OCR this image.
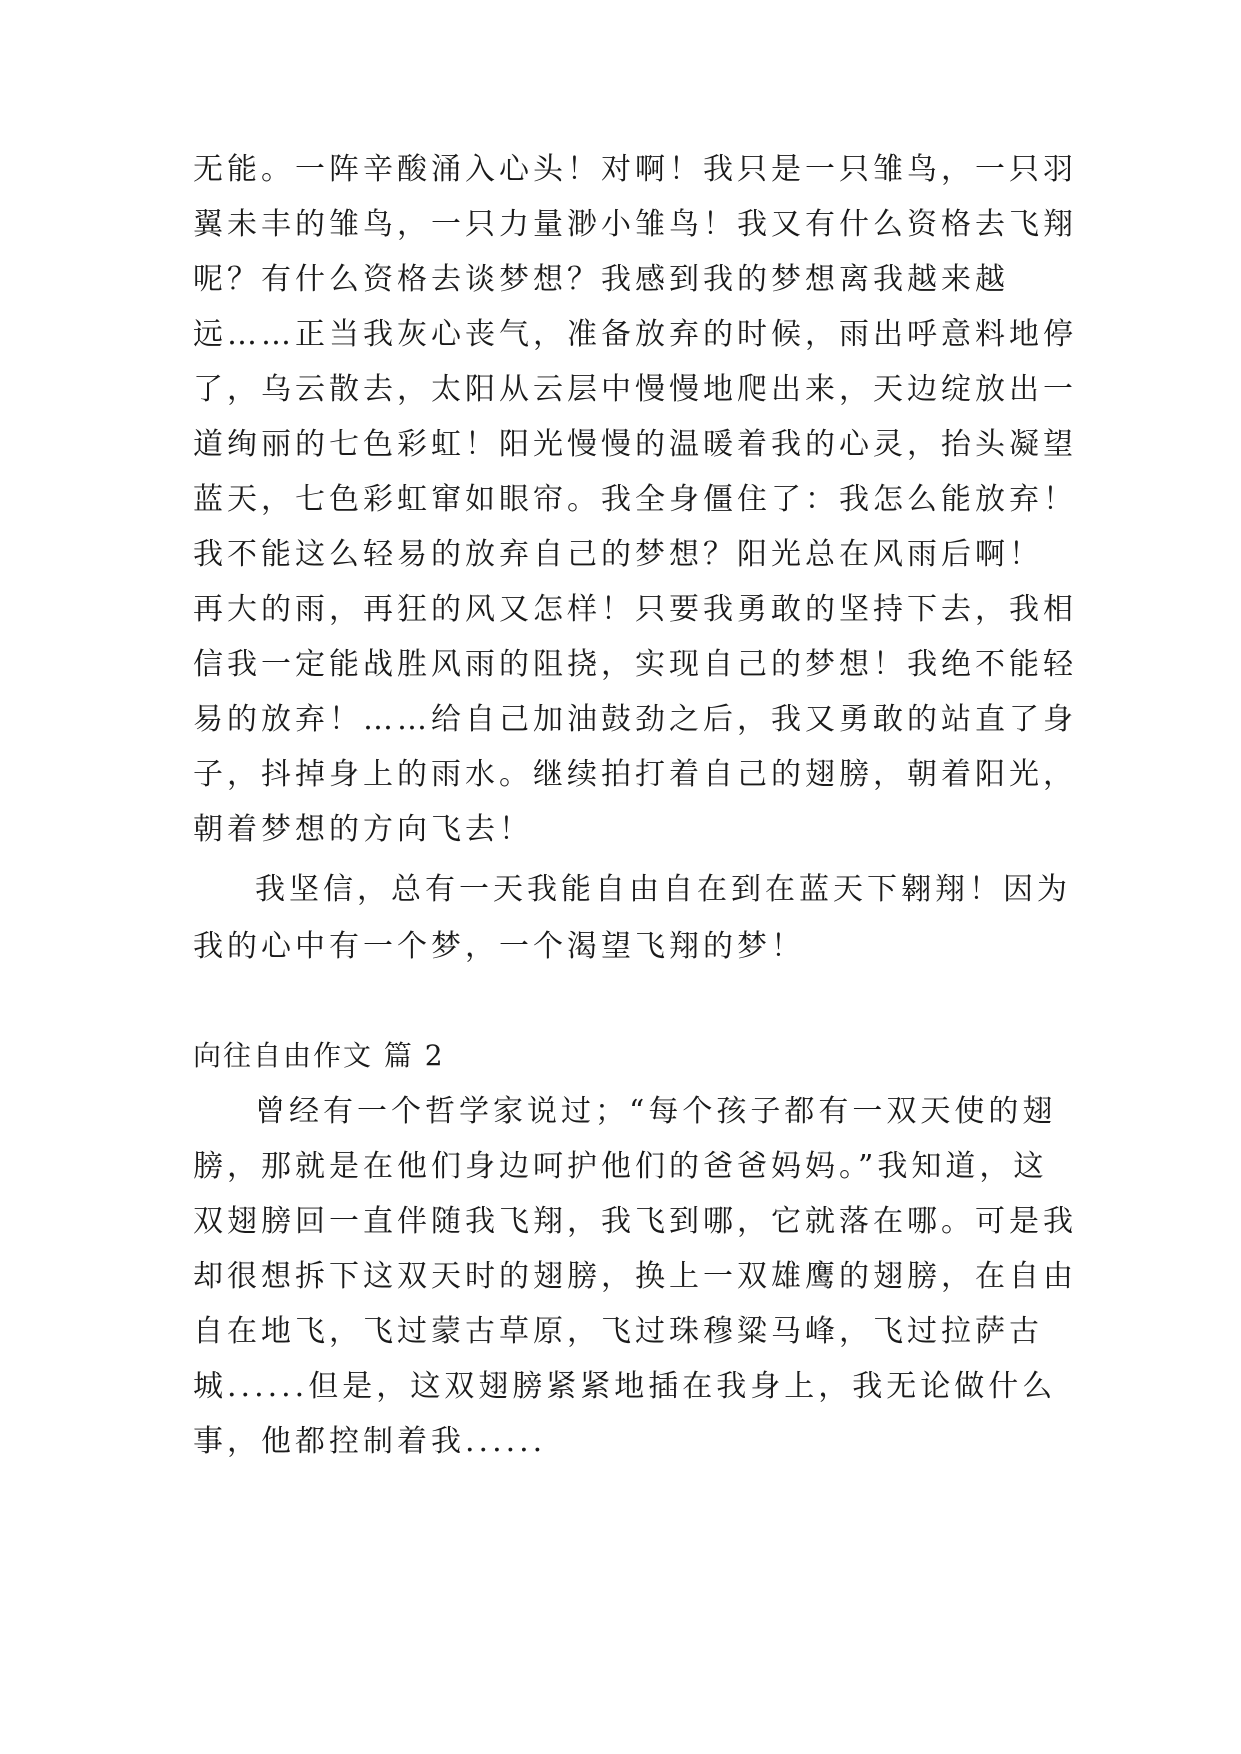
无能。一阵辛酸涌入心头！对啊！我只是一只雏鸟，一只羽
翼未丰的雏鸟，一只力量渺小雏鸟！我又有什么资格去飞翔
呢？有什么资格去谈梦想？我感到我的梦想离我越来越
远……正当我灰心丧气，准备放弃的时候，雨出呼意料地停
了，乌云散去，太阳从云层中慢慢地爬出来，天边绽放出一
道绚丽的七色彩虹！阳光慢慢的温暖着我的心灵，抬头凝望
蓝天，七色彩虹窜如眼帘。我全身僵住了：我怎么能放弃！
我不能这么轻易的放弃自己的梦想？阳光总在风雨后啊！
再大的雨，再狂的风又怎样！只要我勇敢的坚持下去，我相
信我一定能战胜风雨的阻挠，实现自己的梦想！我绝不能轻
易的放弃！……给自己加油鼓劲之后，我又勇敢的站直了身
子，抖掉身上的雨水。继续拍打着自己的翅膀，朝着阳光，
朝着梦想的方向飞去！
我坚信，总有一天我能自由自在到在蓝天下翱翔！因为
我的心中有一个梦，一个渴望飞翔的梦！
向往自由作文 篇 2
曾经有一个哲学家说过；“每个孩子都有一双天使的翅
膀，那就是在他们身边呵护他们的爸爸妈妈。”我知道，这
双翅膀回一直伴随我飞翔，我飞到哪，它就落在哪。可是我
却很想拆下这双天时的翅膀，换上一双雄鹰的翅膀，在自由
自在地飞，飞过蒙古草原，飞过珠穆粱马峰，飞过拉萨古
城......但是，这双翅膀紧紧地插在我身上，我无论做什么
事，他都控制着我......
